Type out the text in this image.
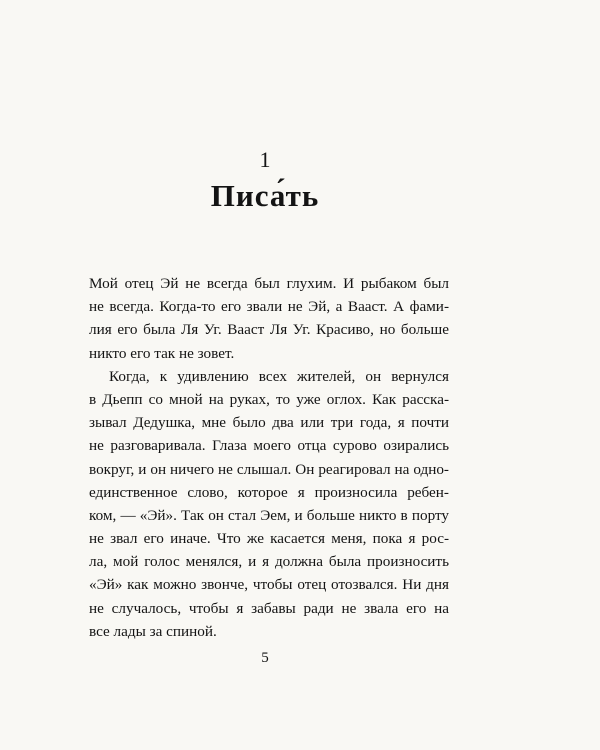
1
Писа́ть
Мой отец Эй не всегда был глухим. И рыбаком был
не всегда. Когда-то его звали не Эй, а Вааст. А фами-
лия его была Ля Уг. Вааст Ля Уг. Красиво, но больше
никто его так не зовет.
Когда, к удивлению всех жителей, он вернулся
в Дьепп со мной на руках, то уже оглох. Как расска-
зывал Дедушка, мне было два или три года, я почти
не разговаривала. Глаза моего отца сурово озирались
вокруг, и он ничего не слышал. Он реагировал на одно-
единственное слово, которое я произносила ребен-
ком, — «Эй». Так он стал Эем, и больше никто в порту
не звал его иначе. Что же касается меня, пока я рос-
ла, мой голос менялся, и я должна была произносить
«Эй» как можно звонче, чтобы отец отозвался. Ни дня
не случалось, чтобы я забавы ради не звала его на
все лады за спиной.
5
